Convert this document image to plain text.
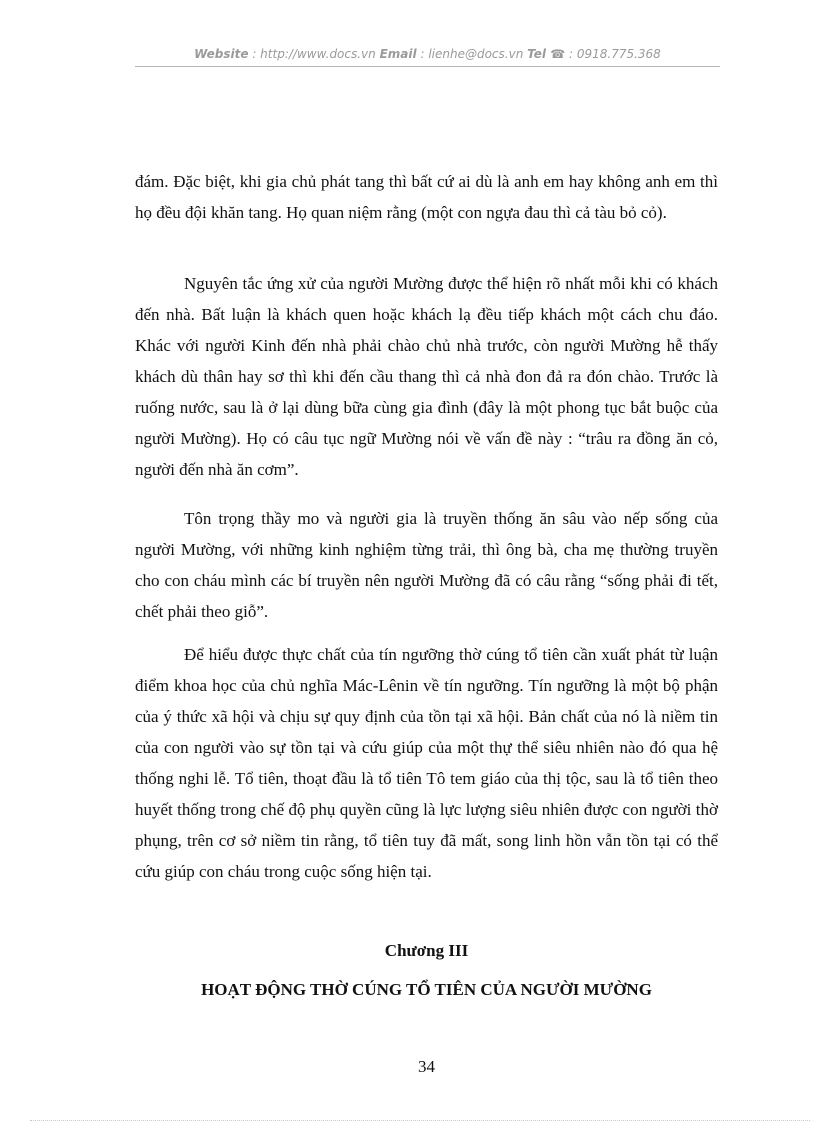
Website : http://www.docs.vn Email : lienhe@docs.vn Tel ☎ : 0918.775.368

đám. Đặc biệt, khi gia chủ phát tang thì bất cứ ai dù là anh em hay không anh em thì họ đều đội khăn tang. Họ quan niệm rằng (một con ngựa đau thì cả tàu bỏ cỏ).

Nguyên tắc ứng xử của người Mường được thể hiện rõ nhất mỗi khi có khách đến nhà. Bất luận là khách quen hoặc khách lạ đều tiếp khách một cách chu đáo. Khác với người Kinh đến nhà phải chào chủ nhà trước, còn người Mường hễ thấy khách dù thân hay sơ thì khi đến cầu thang thì cả nhà đon đả ra đón chào. Trước là ruống nước, sau là ở lại dùng bữa cùng gia đình (đây là một phong tục bắt buộc của người Mường). Họ có câu tục ngữ Mường nói về vấn đề này : “trâu ra đồng ăn cỏ, người đến nhà ăn cơm”.

Tôn trọng thầy mo và người gia là truyền thống ăn sâu vào nếp sống của người Mường, với những kinh nghiệm từng trải, thì ông bà, cha mẹ thường truyền cho con cháu mình các bí truyền nên người Mường đã có câu rằng “sống phải đi tết, chết phải theo giỗ”.

Để hiểu được thực chất của tín ngưỡng thờ cúng tổ tiên cần xuất phát từ luận điểm khoa học của chủ nghĩa Mác-Lênin về tín ngưỡng. Tín ngưỡng là một bộ phận của ý thức xã hội và chịu sự quy định của tồn tại xã hội. Bản chất của nó là niềm tin của con người vào sự tồn tại và cứu giúp của một thự thể siêu nhiên nào đó qua hệ thống nghi lễ. Tổ tiên, thoạt đầu là tổ tiên Tô tem giáo của thị tộc, sau là tổ tiên theo huyết thống trong chế độ phụ quyền cũng là lực lượng siêu nhiên được con người thờ phụng, trên cơ sở niềm tin rằng, tổ tiên tuy đã mất, song linh hồn vẫn tồn tại có thể cứu giúp con cháu trong cuộc sống hiện tại.

Chương III
HOẠT ĐỘNG THỜ CÚNG TỔ TIÊN CỦA NGƯỜI MƯỜNG
34
